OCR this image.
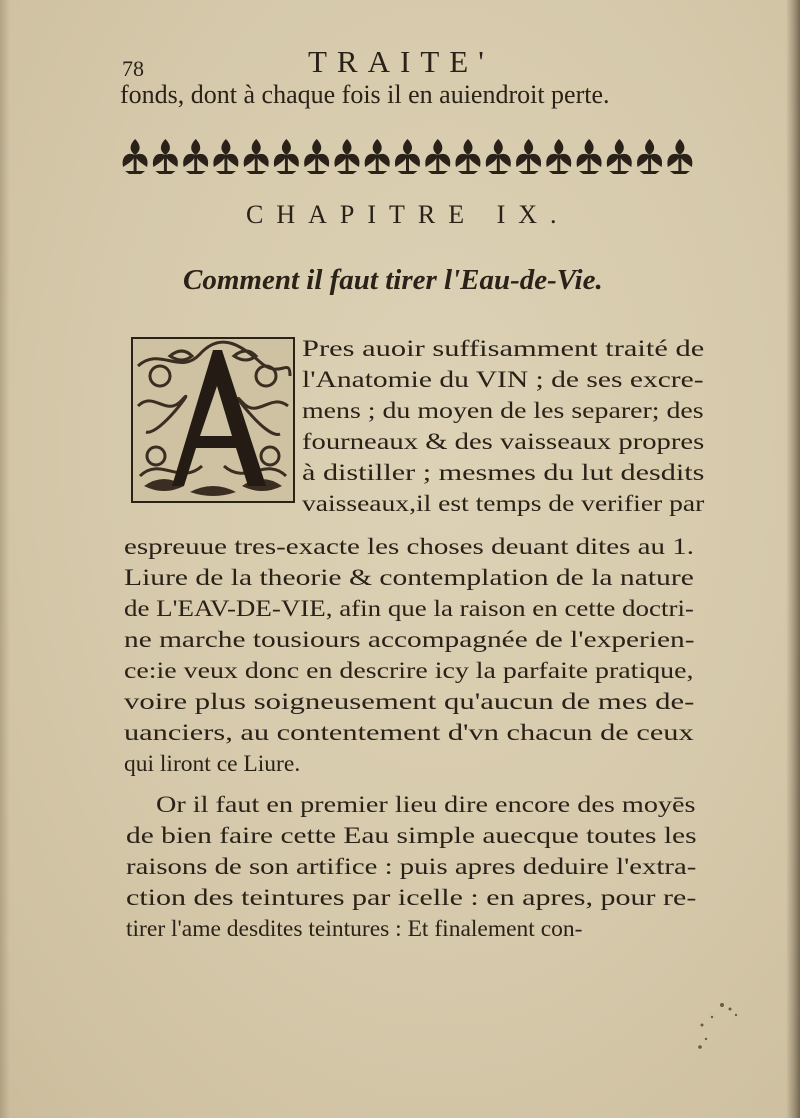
78	TRAITE'
fonds, dont à chaque fois il en auiendroit perte.
CHAPITRE IX.
Comment il faut tirer l'Eau-de-Vie.
Pres auoir suffisamment traité de
l'Anatomie du VIN ; de ses excre-
mens ; du moyen de les separer; des
fourneaux & des vaisseaux propres
à distiller ; mesmes du lut desdits
vaisseaux,il est temps de verifier par
espreuue tres-exacte les choses deuant dites au 1.
Liure de la theorie & contemplation de la nature
de L'EAV-DE-VIE, afin que la raison en cette doctri-
ne marche tousiours accompagnée de l'experien-
ce:ie veux donc en descrire icy la parfaite pratique,
voire plus soigneusement qu'aucun de mes de-
uanciers, au contentement d'vn chacun de ceux
qui liront ce Liure.
Or il faut en premier lieu dire encore des moyēs
de bien faire cette Eau simple auecque toutes les
raisons de son artifice : puis apres deduire l'extra-
ction des teintures par icelle : en apres, pour re-
tirer l'ame desdites teintures : Et finalement con-
